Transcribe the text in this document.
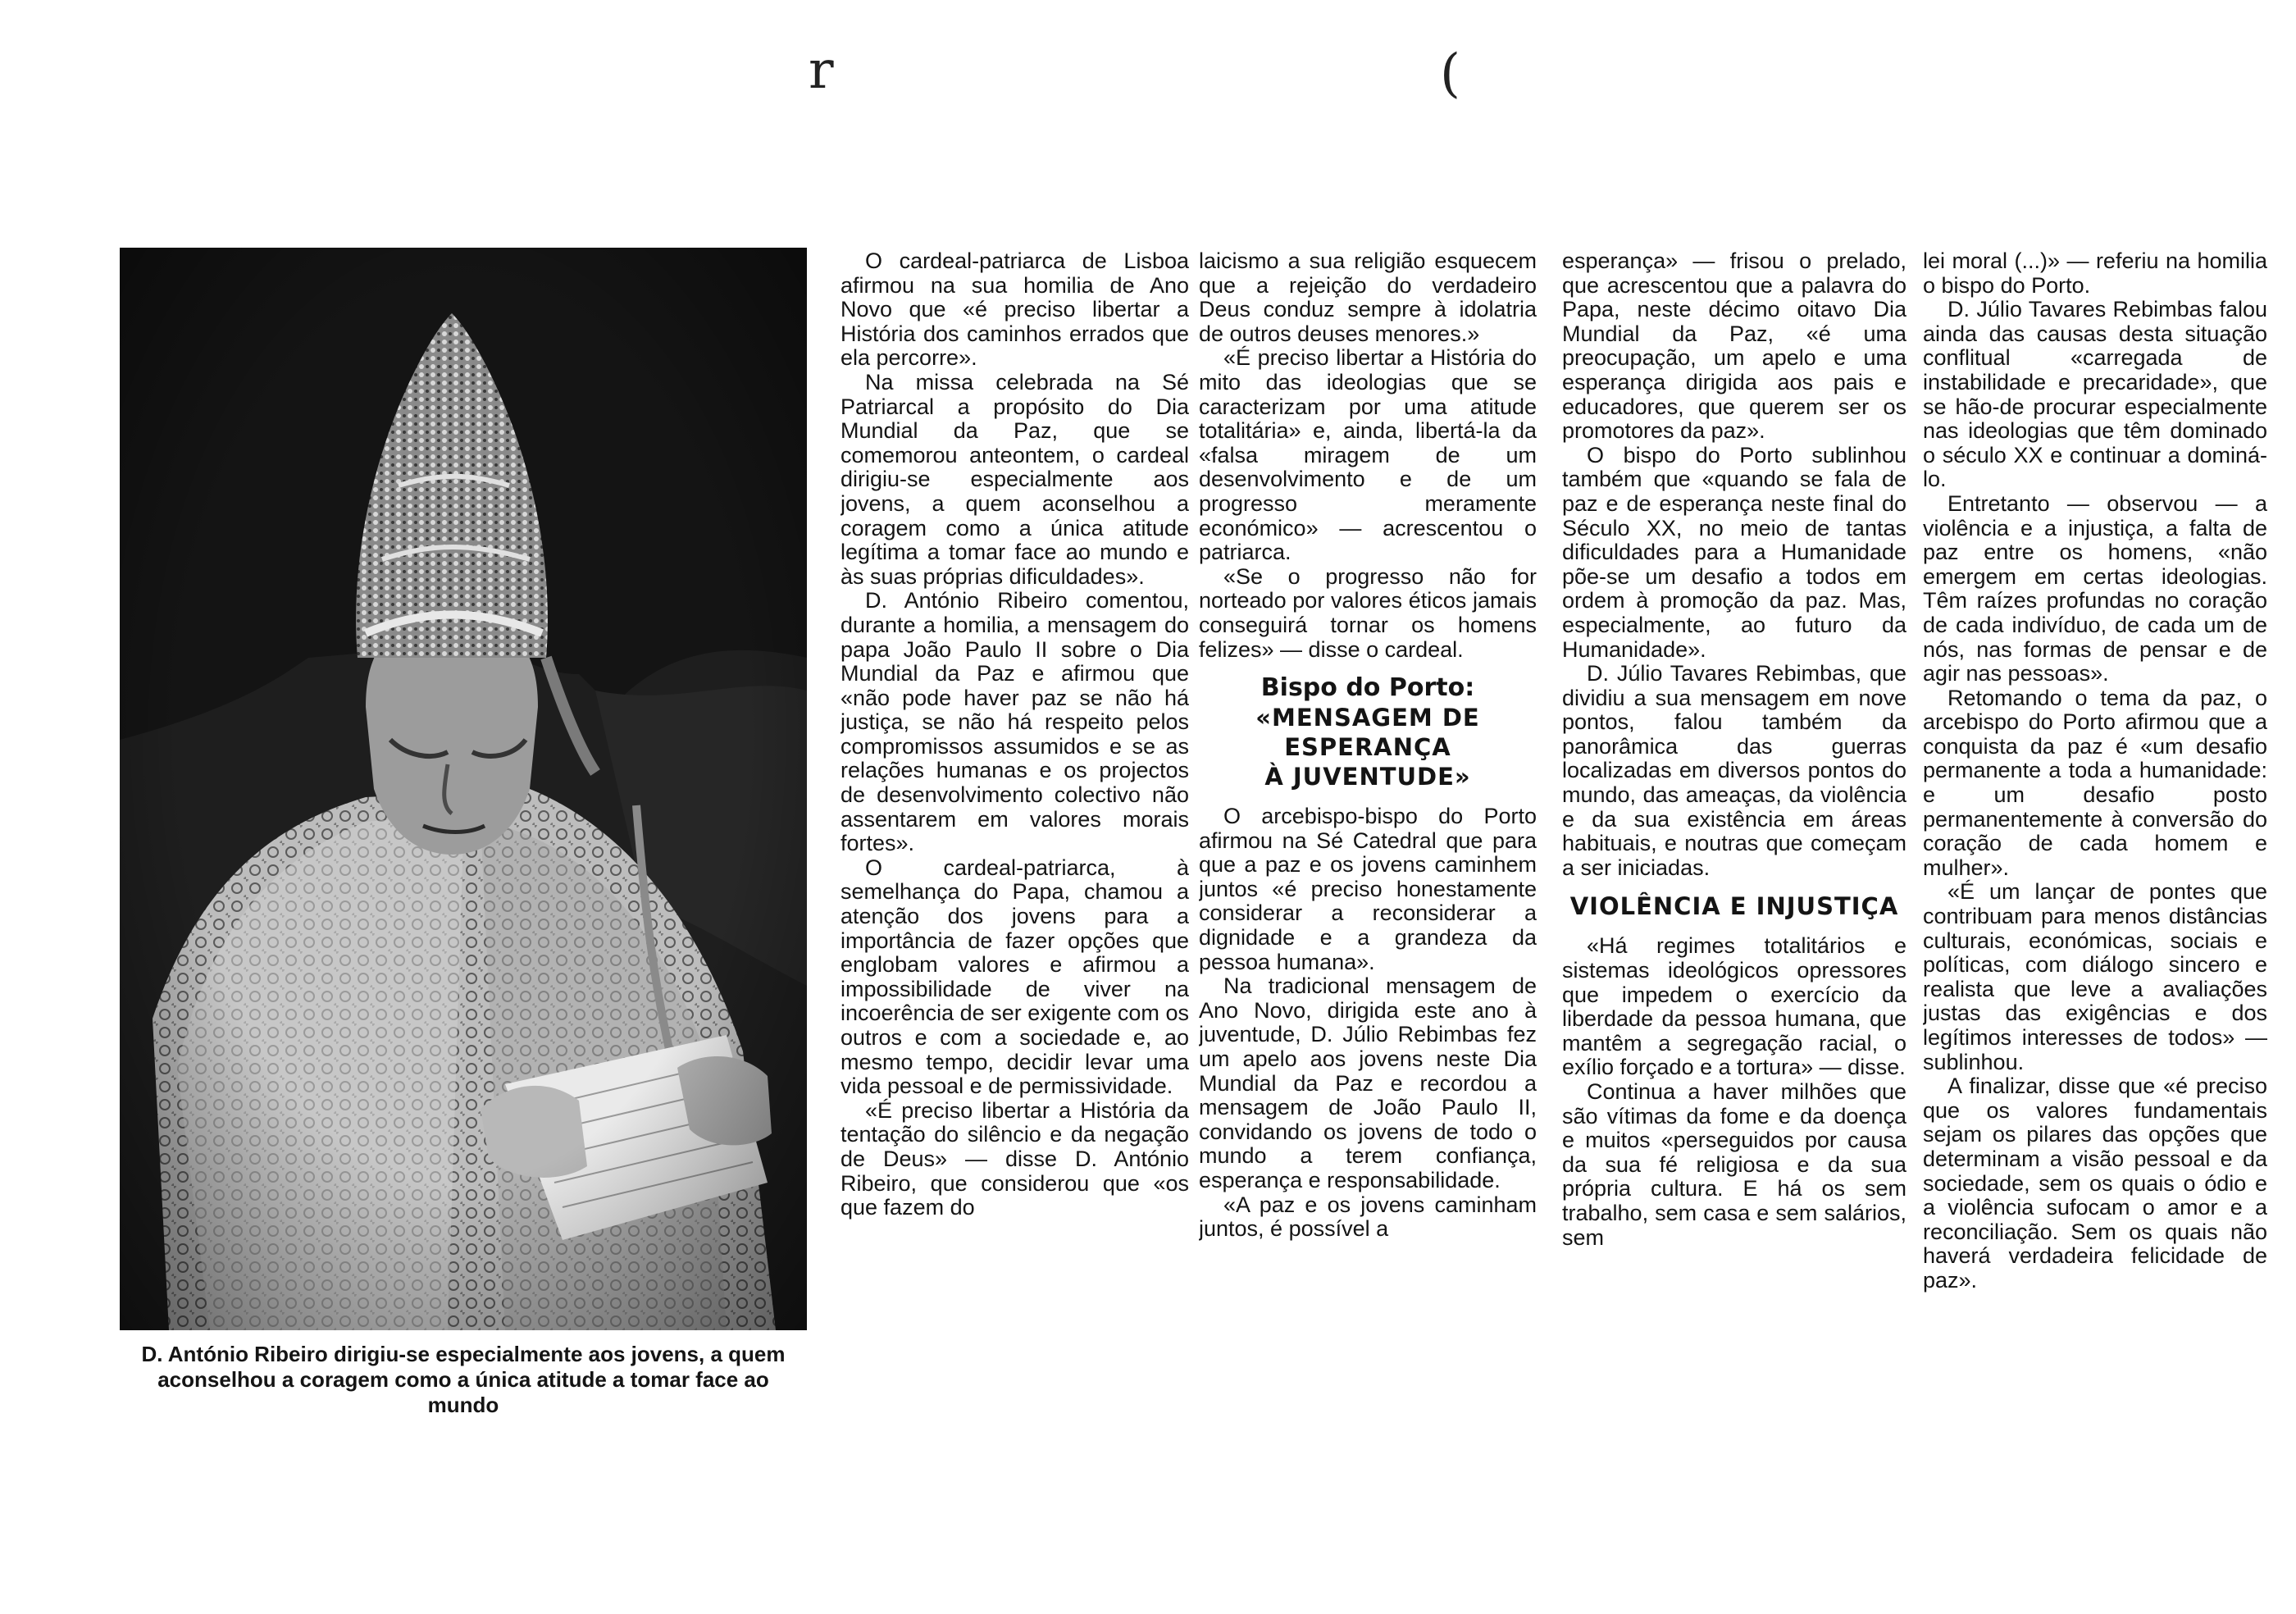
r	(
D. António Ribeiro dirigiu-se especialmente aos jovens, a quem aconselhou a coragem como a única atitude a tomar face ao mundo

O cardeal-patriarca de Lisboa afirmou na sua homilia de Ano Novo que «é preciso libertar a História dos caminhos errados que ela percorre».

Na missa celebrada na Sé Patriarcal a propósito do Dia Mundial da Paz, que se comemorou anteontem, o cardeal dirigiu-se especialmente aos jovens, a quem aconselhou a coragem como a única atitude legítima a tomar face ao mundo e às suas próprias dificuldades».

D. António Ribeiro comentou, durante a homilia, a mensagem do papa João Paulo II sobre o Dia Mundial da Paz e afirmou que «não pode haver paz se não há justiça, se não há respeito pelos compromissos assumidos e se as relações humanas e os projectos de desenvolvimento colectivo não assentarem em valores morais fortes».

O cardeal-patriarca, à semelhança do Papa, chamou a atenção dos jovens para a importância de fazer opções que englobam valores e afirmou a impossibilidade de viver na incoerência de ser exigente com os outros e com a sociedade e, ao mesmo tempo, decidir levar uma vida pessoal e de permissividade.

«É preciso libertar a História da tentação do silêncio e da negação de Deus» — disse D. António Ribeiro, que considerou que «os que fazem do

laicismo a sua religião esquecem que a rejeição do verdadeiro Deus conduz sempre à idolatria de outros deuses menores.»

«É preciso libertar a História do mito das ideologias que se caracterizam por uma atitude totalitária» e, ainda, libertá-la da «falsa miragem de um desenvolvimento e de um progresso meramente económico» — acrescentou o patriarca.

«Se o progresso não for norteado por valores éticos jamais conseguirá tornar os homens felizes» — disse o cardeal.

Bispo do Porto:
«MENSAGEM DE ESPERANÇA
À JUVENTUDE»

O arcebispo-bispo do Porto afirmou na Sé Catedral que para que a paz e os jovens caminhem juntos «é preciso honestamente considerar a reconsiderar a dignidade e a grandeza da pessoa humana».

Na tradicional mensagem de Ano Novo, dirigida este ano à juventude, D. Júlio Rebimbas fez um apelo aos jovens neste Dia Mundial da Paz e recordou a mensagem de João Paulo II, convidando os jovens de todo o mundo a terem confiança, esperança e responsabilidade.

«A paz e os jovens caminham juntos, é possível a

esperança» — frisou o prelado, que acrescentou que a palavra do Papa, neste décimo oitavo Dia Mundial da Paz, «é uma preocupação, um apelo e uma esperança dirigida aos pais e educadores, que querem ser os promotores da paz».

O bispo do Porto sublinhou também que «quando se fala de paz e de esperança neste final do Século XX, no meio de tantas dificuldades para a Humanidade põe-se um desafio a todos em ordem à promoção da paz. Mas, especialmente, ao futuro da Humanidade».

D. Júlio Tavares Rebimbas, que dividiu a sua mensagem em nove pontos, falou também da panorâmica das guerras localizadas em diversos pontos do mundo, das ameaças, da violência e da sua existência em áreas habituais, e noutras que começam a ser iniciadas.

VIOLÊNCIA E INJUSTIÇA

«Há regimes totalitários e sistemas ideológicos opressores que impedem o exercício da liberdade da pessoa humana, que mantêm a segregação racial, o exílio forçado e a tortura» — disse.

Continua a haver milhões que são vítimas da fome e da doença e muitos «perseguidos por causa da sua fé religiosa e da sua própria cultura. E há os sem trabalho, sem casa e sem salários, sem

lei moral (...)» — referiu na homilia o bispo do Porto.

D. Júlio Tavares Rebimbas falou ainda das causas desta situação conflitual «carregada de instabilidade e precaridade», que se hão-de procurar especialmente nas ideologias que têm dominado o século XX e continuar a dominá-lo.

Entretanto — observou — a violência e a injustiça, a falta de paz entre os homens, «não emergem em certas ideologias. Têm raízes profundas no coração de cada indivíduo, de cada um de nós, nas formas de pensar e de agir nas pessoas».

Retomando o tema da paz, o arcebispo do Porto afirmou que a conquista da paz é «um desafio permanente a toda a humanidade: e um desafio posto permanentemente à conversão do coração de cada homem e mulher».

«É um lançar de pontes que contribuam para menos distâncias culturais, económicas, sociais e políticas, com diálogo sincero e realista que leve a avaliações justas das exigências e dos legítimos interesses de todos» — sublinhou.

A finalizar, disse que «é preciso que os valores fundamentais sejam os pilares das opções que determinam a visão pessoal e da sociedade, sem os quais o ódio e a violência sufocam o amor e a reconciliação. Sem os quais não haverá verdadeira felicidade de paz».
